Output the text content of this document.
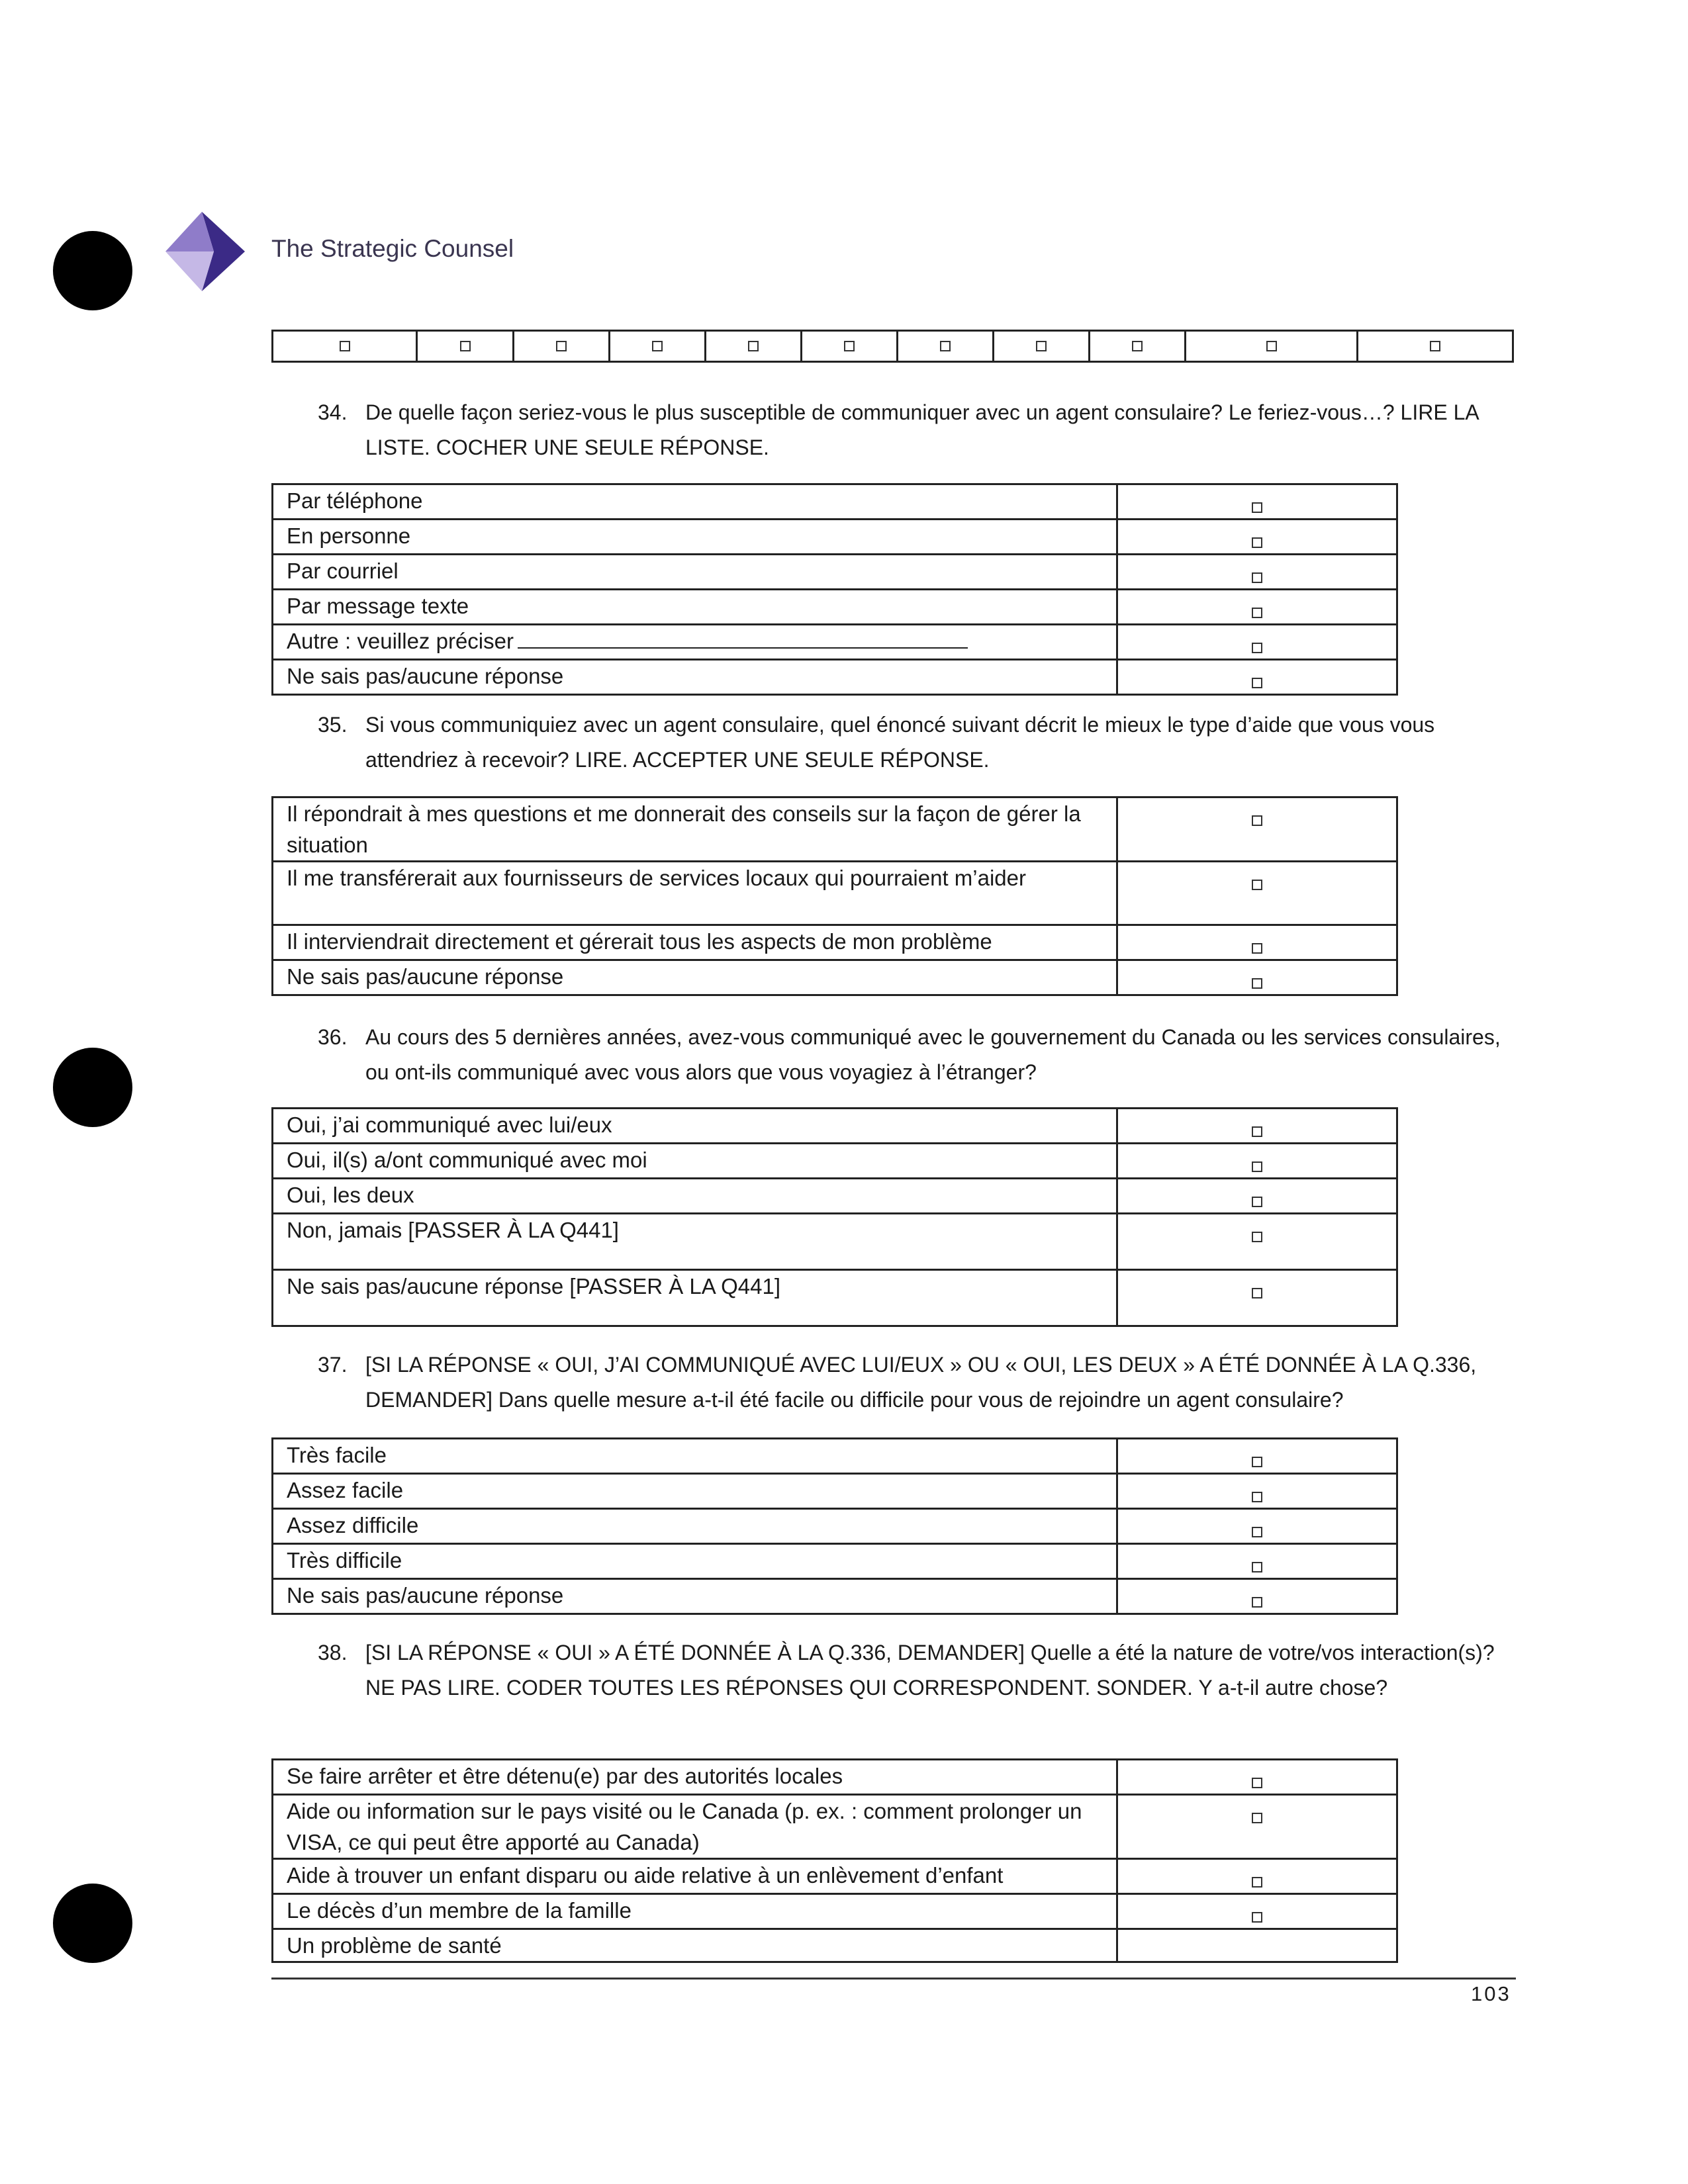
The Strategic Counsel
34. De quelle façon seriez-vous le plus susceptible de communiquer avec un agent consulaire? Le feriez-vous…? LIRE LA LISTE. COCHER UNE SEULE RÉPONSE.
Par téléphone	
En personne	
Par courriel	
Par message texte	
Autre : veuillez préciser	
Ne sais pas/aucune réponse	
35. Si vous communiquiez avec un agent consulaire, quel énoncé suivant décrit le mieux le type d’aide que vous vous attendriez à recevoir? LIRE. ACCEPTER UNE SEULE RÉPONSE.
Il répondrait à mes questions et me donnerait des conseils sur la façon de gérer la situation	
Il me transférerait aux fournisseurs de services locaux qui pourraient m’aider	
Il interviendrait directement et gérerait tous les aspects de mon problème	
Ne sais pas/aucune réponse	
36. Au cours des 5 dernières années, avez-vous communiqué avec le gouvernement du Canada ou les services consulaires, ou ont-ils communiqué avec vous alors que vous voyagiez à l’étranger?
Oui, j’ai communiqué avec lui/eux	
Oui, il(s) a/ont communiqué avec moi	
Oui, les deux	
Non, jamais [PASSER À LA Q441]	
Ne sais pas/aucune réponse [PASSER À LA Q441]	
37. [SI LA RÉPONSE « OUI, J’AI COMMUNIQUÉ AVEC LUI/EUX » OU « OUI, LES DEUX » A ÉTÉ DONNÉE À LA Q.336, DEMANDER] Dans quelle mesure a-t-il été facile ou difficile pour vous de rejoindre un agent consulaire?
Très facile	
Assez facile	
Assez difficile	
Très difficile	
Ne sais pas/aucune réponse	
38. [SI LA RÉPONSE « OUI » A ÉTÉ DONNÉE À LA Q.336, DEMANDER] Quelle a été la nature de votre/vos interaction(s)? NE PAS LIRE. CODER TOUTES LES RÉPONSES QUI CORRESPONDENT. SONDER. Y a-t-il autre chose?
Se faire arrêter et être détenu(e) par des autorités locales	
Aide ou information sur le pays visité ou le Canada (p. ex. : comment prolonger un VISA, ce qui peut être apporté au Canada)	
Aide à trouver un enfant disparu ou aide relative à un enlèvement d’enfant	
Le décès d’un membre de la famille	
Un problème de santé	
103
